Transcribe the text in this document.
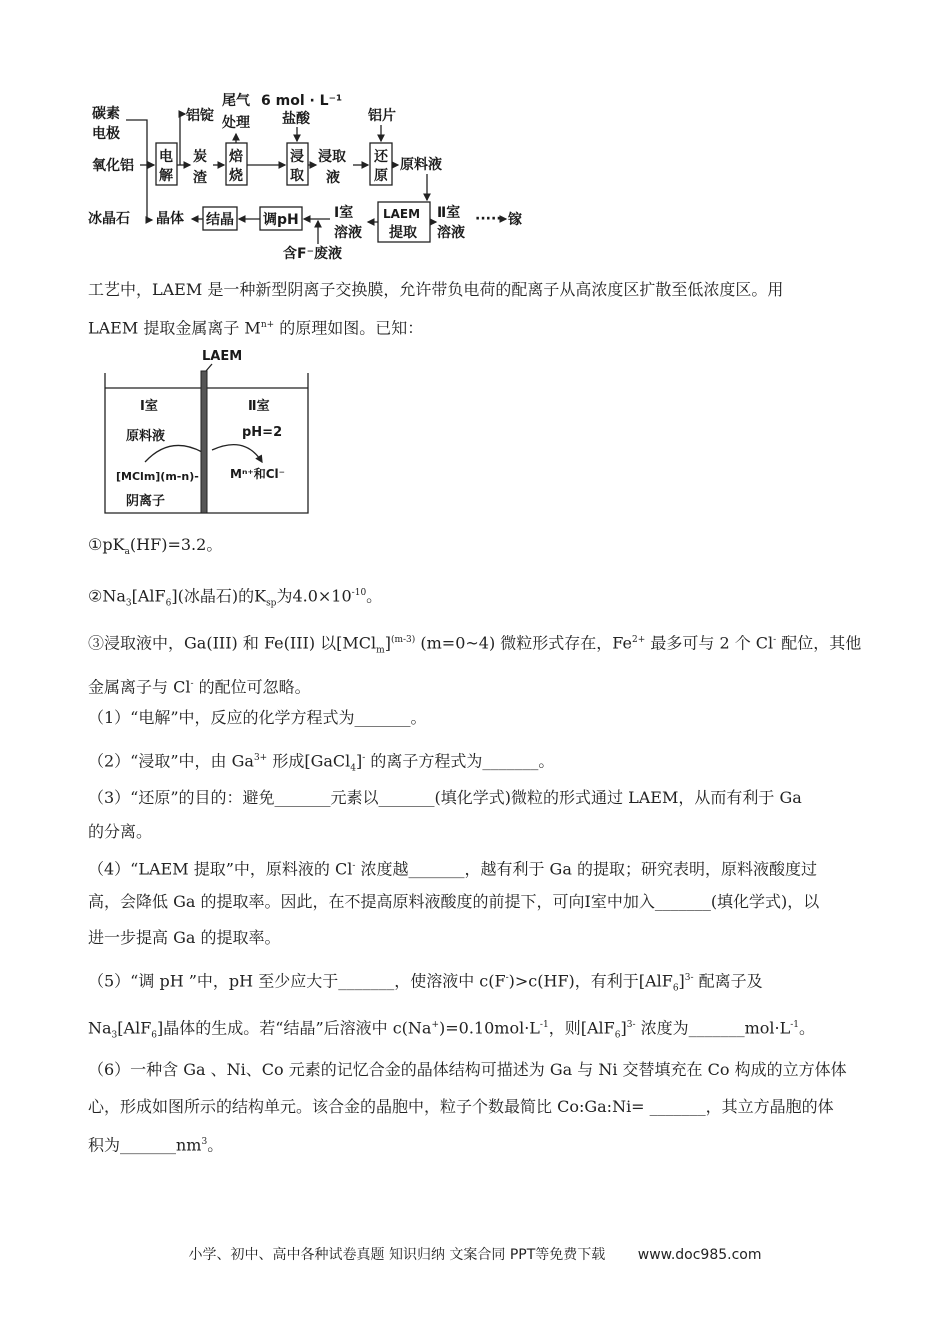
碳素
电极
氧化铝
冰晶石
铝锭
尾气
处理
6 mol · L⁻¹
盐酸
炭
渣
浸取
液
铝片
原料液
Ⅱ室
溶液
····· 镓
Ⅰ室
溶液
晶体
含F⁻废液
电
解
焙
烧
浸
取
还
原
LAEM
提取
调pH
结晶
LAEM
Ⅰ室
原料液
[MClm](m-n)-
阴离子
Ⅱ室
pH=2
Mⁿ⁺和Cl⁻
工艺中，LAEM 是一种新型阴离子交换膜，允许带负电荷的配离子从高浓度区扩散至低浓度区。用
LAEM 提取金属离子 $M^{n+}$ 的原理如图。已知：
$①pK_a(HF)=3.2$。
$②Na_3[AlF_6]$(冰晶石)的$K_{sp}$为$4.0\times 10^{-10}$。
③浸取液中，Ga(III) 和 Fe(III) 以$[MCl_m]^{(m-3)}$ (m=0~4) 微粒形式存在，$Fe^{2+}$ 最多可与 2 个 Cl- 配位，其他
金属离子与 Cl- 的配位可忽略。
（1）“电解”中，反应的化学方程式为_______。
（2）“浸取”中，由 $Ga^{3+}$ 形成[GaCl$_4$]- 的离子方程式为_______。
（3）“还原”的目的：避免_______元素以_______(填化学式)微粒的形式通过 LAEM，从而有利于 Ga
的分离。
（4）“LAEM 提取”中，原料液的 Cl- 浓度越_______，越有利于 Ga 的提取；研究表明，原料液酸度过
高，会降低 Ga 的提取率。因此，在不提高原料液酸度的前提下，可向Ⅰ室中加入_______(填化学式)，以
进一步提高 Ga 的提取率。
（5）“调 pH ”中，pH 至少应大于_______，使溶液中 c(F-)>c(HF)，有利于$[AlF_6]^{3-}$ 配离子及
$Na_3[AlF_6]$晶体的生成。若“结晶”后溶液中 $c(Na^+)=0.10mol\cdot L^{-1}$，则$[AlF_6]^{3-}$ 浓度为$\_\_\_\_\_\_\_mol\cdot L^{-1}$。
（6）一种含 Ga 、Ni、Co 元素的记忆合金的晶体结构可描述为 Ga 与 Ni 交替填充在 Co 构成的立方体体
心，形成如图所示的结构单元。该合金的晶胞中，粒子个数最简比 Co:Ga:Ni= _______，其立方晶胞的体
积为$\_\_\_\_\_\_\_nm^3$。
小学、初中、高中各种试卷真题 知识归纳 文案合同 PPT等免费下载 www.doc985.com
